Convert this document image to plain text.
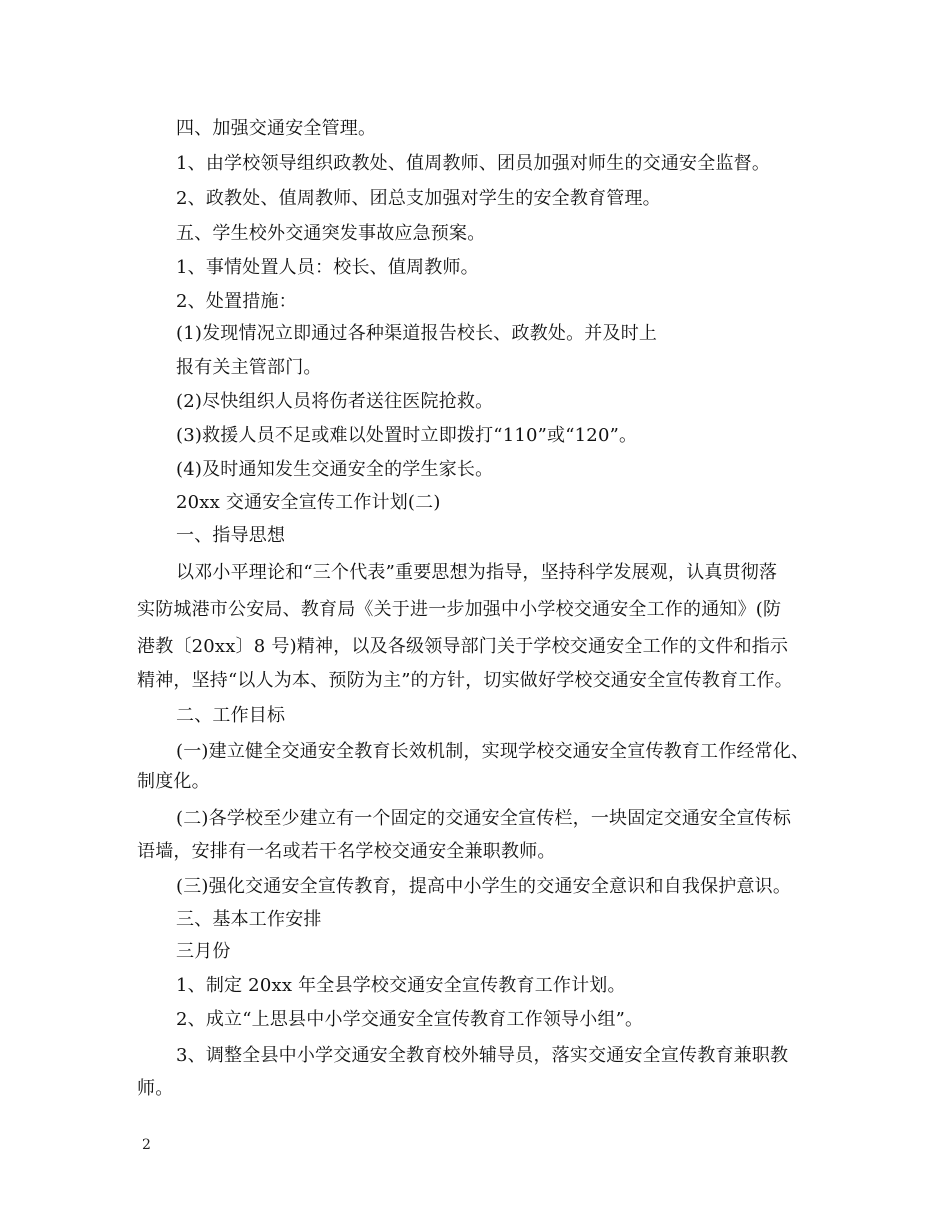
四、加强交通安全管理。
1、由学校领导组织政教处、值周教师、团员加强对师生的交通安全监督。
2、政教处、值周教师、团总支加强对学生的安全教育管理。
五、学生校外交通突发事故应急预案。
1、事情处置人员：校长、值周教师。
2、处置措施：
(1)发现情况立即通过各种渠道报告校长、政教处。并及时上
报有关主管部门。
(2)尽快组织人员将伤者送往医院抢救。
(3)救援人员不足或难以处置时立即拨打“110”或“120”。
(4)及时通知发生交通安全的学生家长。
20xx 交通安全宣传工作计划(二)
一、指导思想
以邓小平理论和“三个代表”重要思想为指导，坚持科学发展观，认真贯彻落
实防城港市公安局、教育局《关于进一步加强中小学校交通安全工作的通知》(防
港教〔20xx〕8 号)精神，以及各级领导部门关于学校交通安全工作的文件和指示
精神，坚持“以人为本、预防为主”的方针，切实做好学校交通安全宣传教育工作。
二、工作目标
(一)建立健全交通安全教育长效机制，实现学校交通安全宣传教育工作经常化、
制度化。
(二)各学校至少建立有一个固定的交通安全宣传栏，一块固定交通安全宣传标
语墙，安排有一名或若干名学校交通安全兼职教师。
(三)强化交通安全宣传教育，提高中小学生的交通安全意识和自我保护意识。
三、基本工作安排
三月份
1、制定 20xx 年全县学校交通安全宣传教育工作计划。
2、成立“上思县中小学交通安全宣传教育工作领导小组”。
3、调整全县中小学交通安全教育校外辅导员，落实交通安全宣传教育兼职教
师。
2
